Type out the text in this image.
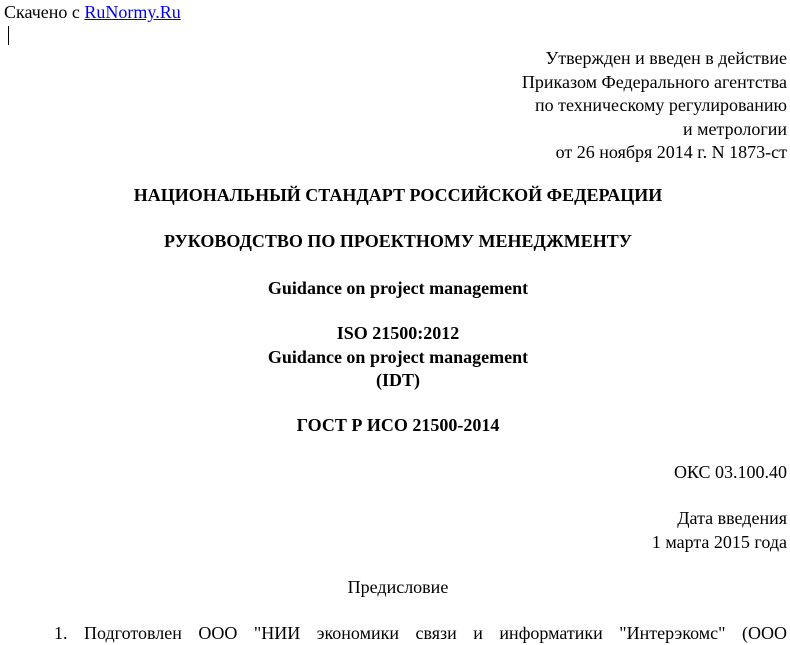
Скачено с RuNormy.Ru

Утвержден и введен в действие
Приказом Федерального агентства
по техническому регулированию
и метрологии
от 26 ноября 2014 г. N 1873-ст

НАЦИОНАЛЬНЫЙ СТАНДАРТ РОССИЙСКОЙ ФЕДЕРАЦИИ

РУКОВОДСТВО ПО ПРОЕКТНОМУ МЕНЕДЖМЕНТУ

Guidance on project management

ISO 21500:2012
Guidance on project management
(IDT)

ГОСТ Р ИСО 21500-2014

ОКС 03.100.40

Дата введения
1 марта 2015 года

Предисловие

1. Подготовлен ООО "НИИ экономики связи и информатики "Интерэкомс" (ООО
